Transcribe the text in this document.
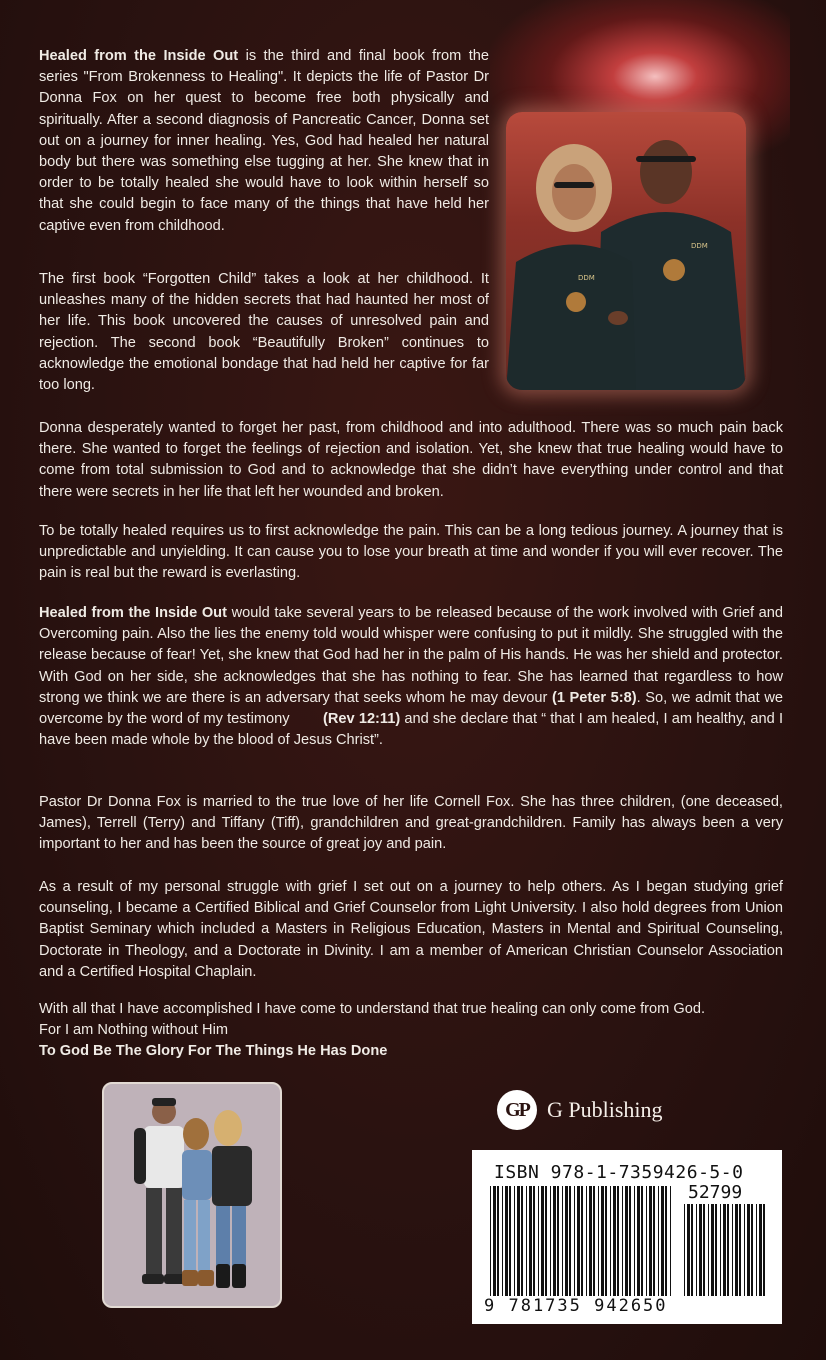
Healed from the Inside Out is the third and final book from the series "From Brokenness to Healing". It depicts the life of Pastor Dr Donna Fox on her quest to become free both physically and spiritually. After a second diagnosis of Pancreatic Cancer, Donna set out on a journey for inner healing. Yes, God had healed her natural body but there was something else tugging at her. She knew that in order to be totally healed she would have to look within herself so that she could begin to face many of the things that have held her captive even from childhood.

The first book “Forgotten Child” takes a look at her childhood. It unleashes many of the hidden secrets that had haunted her most of her life. This book uncovered the causes of unresolved pain and rejection. The second book “Beautifully Broken” continues to acknowledge the emotional bondage that had held her captive for far too long.

Donna desperately wanted to forget her past, from childhood and into adulthood. There was so much pain back there. She wanted to forget the feelings of rejection and isolation. Yet, she knew that true healing would have to come from total submission to God and to acknowledge that she didn’t have everything under control and that there were secrets in her life that left her wounded and broken.

To be totally healed requires us to first acknowledge the pain. This can be a long tedious journey. A journey that is unpredictable and unyielding. It can cause you to lose your breath at time and wonder if you will ever recover. The pain is real but the reward is everlasting.

Healed from the Inside Out would take several years to be released because of the work involved with Grief and Overcoming pain. Also the lies the enemy told would whisper were confusing to put it mildly. She struggled with the release because of fear! Yet, she knew that God had her in the palm of His hands. He was her shield and protector. With God on her side, she acknowledges that she has nothing to fear. She has learned that regardless to how strong we think we are there is an adversary that seeks whom he may devour (1 Peter 5:8). So, we admit that we overcome by the word of my testimony        (Rev 12:11) and she declare that “ that I am healed, I am healthy, and I have been made whole by the blood of Jesus Christ”.

Pastor Dr Donna Fox is married to the true love of her life Cornell Fox. She has three children, (one deceased, James), Terrell (Terry) and Tiffany (Tiff), grandchildren and great-grandchildren. Family has always been a very important to her and has been the source of great joy and pain.

As a result of my personal struggle with grief I set out on a journey to help others. As I began studying grief counseling, I became a Certified Biblical and Grief Counselor from Light University. I also hold degrees from Union Baptist Seminary which included a Masters in Religious Education, Masters in Mental and Spiritual Counseling, Doctorate in Theology, and a Doctorate in Divinity. I am a member of American Christian Counselor Association and a Certified Hospital Chaplain.

With all that I have accomplished I have come to understand that true healing can only come from God.
For I am Nothing without Him
To God Be The Glory For The Things He Has Done
DDM
DDM
GP G Publishing
ISBN 978-1-7359426-5-0
52799
9 781735 942650
